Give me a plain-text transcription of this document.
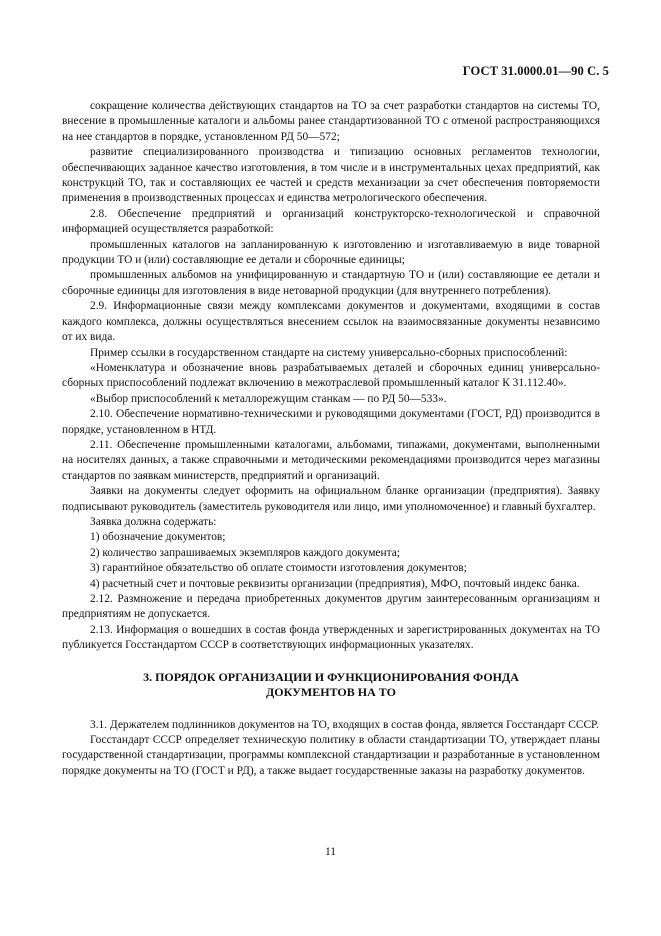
ГОСТ 31.0000.01—90 С. 5

сокращение количества действующих стандартов на ТО за счет разработки стандартов на системы ТО, внесение в промышленные каталоги и альбомы ранее стандартизованной ТО с отменой распространяющихся на нее стандартов в порядке, установленном РД 50—572;

развитие специализированного производства и типизацию основных регламентов технологии, обеспечивающих заданное качество изготовления, в том числе и в инструментальных цехах предприятий, как конструкций ТО, так и составляющих ее частей и средств механизации за счет обеспечения повторяемости применения в производственных процессах и единства метрологического обеспечения.

2.8. Обеспечение предприятий и организаций конструкторско-технологической и справочной информацией осуществляется разработкой:

промышленных каталогов на запланированную к изготовлению и изготавливаемую в виде товарной продукции ТО и (или) составляющие ее детали и сборочные единицы;

промышленных альбомов на унифицированную и стандартную ТО и (или) составляющие ее детали и сборочные единицы для изготовления в виде нетоварной продукции (для внутреннего потребления).

2.9. Информационные связи между комплексами документов и документами, входящими в состав каждого комплекса, должны осуществляться внесением ссылок на взаимосвязанные документы независимо от их вида.

Пример ссылки в государственном стандарте на систему универсально-сборных приспособлений:

«Номенклатура и обозначение вновь разрабатываемых деталей и сборочных единиц универсально-сборных приспособлений подлежат включению в межотраслевой промышленный каталог К 31.112.40».

«Выбор приспособлений к металлорежущим станкам — по РД 50—533».

2.10. Обеспечение нормативно-техническими и руководящими документами (ГОСТ, РД) производится в порядке, установленном в НТД.

2.11. Обеспечение промышленными каталогами, альбомами, типажами, документами, выполненными на носителях данных, а также справочными и методическими рекомендациями производится через магазины стандартов по заявкам министерств, предприятий и организаций.

Заявки на документы следует оформить на официальном бланке организации (предприятия). Заявку подписывают руководитель (заместитель руководителя или лицо, ими уполномоченное) и главный бухгалтер.

Заявка должна содержать:

1) обозначение документов;

2) количество запрашиваемых экземпляров каждого документа;

3) гарантийное обязательство об оплате стоимости изготовления документов;

4) расчетный счет и почтовые реквизиты организации (предприятия), МФО, почтовый индекс банка.

2.12. Размножение и передача приобретенных документов другим заинтересованным организациям и предприятиям не допускается.

2.13. Информация о вошедших в состав фонда утвержденных и зарегистрированных документах на ТО публикуется Госстандартом СССР в соответствующих информационных указателях.

3. ПОРЯДОК ОРГАНИЗАЦИИ И ФУНКЦИОНИРОВАНИЯ ФОНДА
ДОКУМЕНТОВ НА ТО

3.1. Держателем подлинников документов на ТО, входящих в состав фонда, является Госстандарт СССР.

Госстандарт СССР определяет техническую политику в области стандартизации ТО, утверждает планы государственной стандартизации, программы комплексной стандартизации и разработанные в установленном порядке документы на ТО (ГОСТ и РД), а также выдает государственные заказы на разработку документов.

11
